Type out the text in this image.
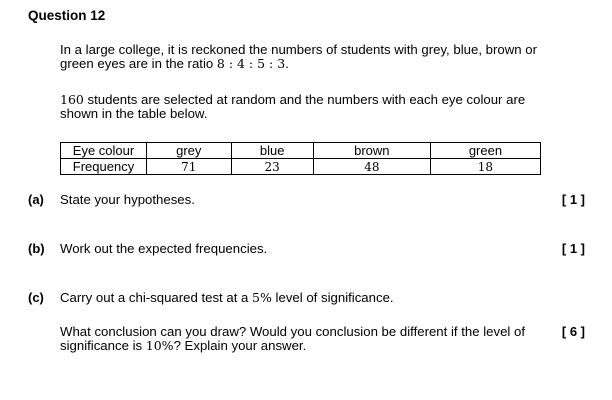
Question 12
In a large college, it is reckoned the numbers of students with grey, blue, brown or green eyes are in the ratio 8 : 4 : 5 : 3.
160 students are selected at random and the numbers with each eye colour are shown in the table below.
Eye colour	grey	blue	brown	green
Frequency	71	23	48	18
(a) State your hypotheses.	[ 1 ]
(b) Work out the expected frequencies.	[ 1 ]
(c) Carry out a chi-squared test at a 5% level of significance.
What conclusion can you draw? Would you conclusion be different if the level of significance is 10%? Explain your answer.
[ 6 ]
